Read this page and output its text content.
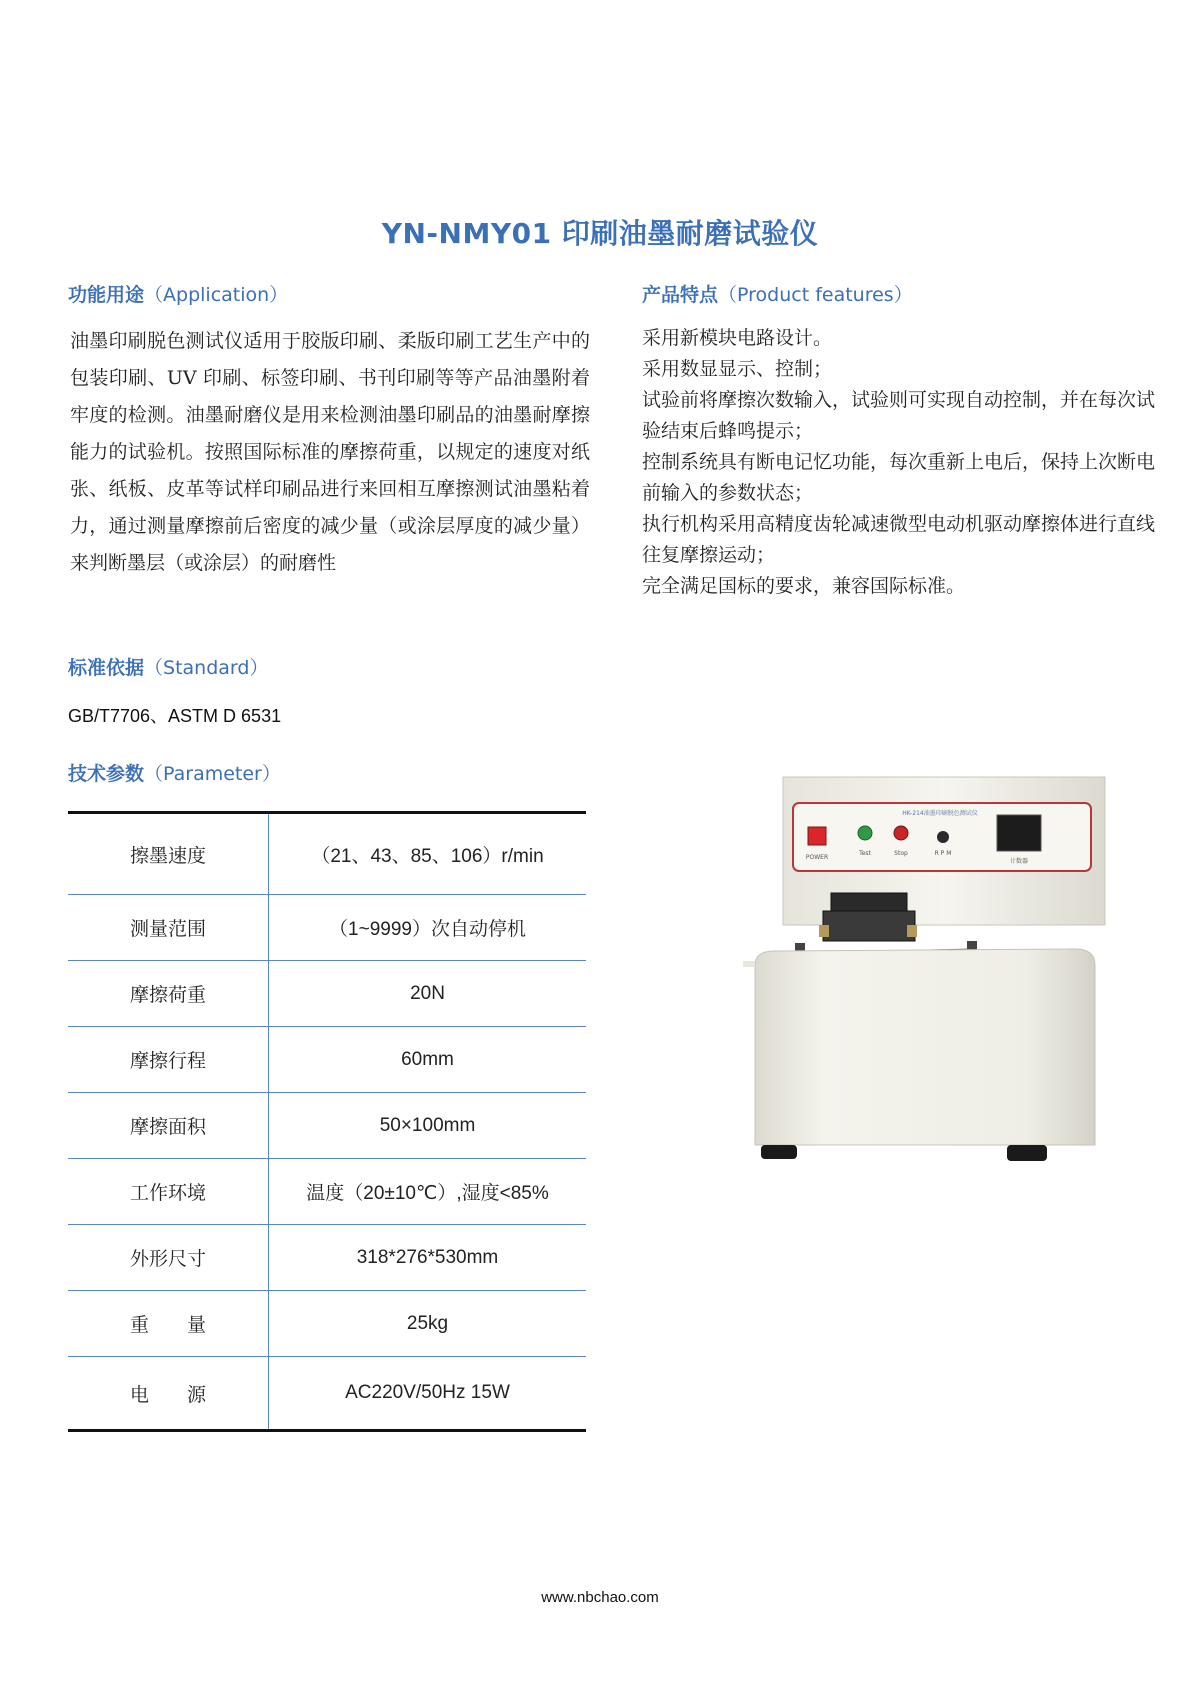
YN-NMY01 印刷油墨耐磨试验仪
功能用途（Application）
油墨印刷脱色测试仪适用于胶版印刷、柔版印刷工艺生产中的包装印刷、UV 印刷、标签印刷、书刊印刷等等产品油墨附着牢度的检测。油墨耐磨仪是用来检测油墨印刷品的油墨耐摩擦能力的试验机。按照国际标准的摩擦荷重，以规定的速度对纸张、纸板、皮革等试样印刷品进行来回相互摩擦测试油墨粘着力，通过测量摩擦前后密度的减少量（或涂层厚度的减少量）来判断墨层（或涂层）的耐磨性
产品特点（Product features）

采用新模块电路设计。

采用数显显示、控制；

试验前将摩擦次数输入，试验则可实现自动控制，并在每次试验结束后蜂鸣提示；

控制系统具有断电记忆功能，每次重新上电后，保持上次断电前输入的参数状态；

执行机构采用高精度齿轮减速微型电动机驱动摩擦体进行直线往复摩擦运动；

完全满足国标的要求，兼容国际标准。

标准依据（Standard）
GB/T7706、ASTM D 6531
技术参数（Parameter）
擦墨速度	（21、43、85、106）r/min
测量范围	（1~9999）次自动停机
摩擦荷重	20N
摩擦行程	60mm
摩擦面积	50×100mm
工作环境	温度（20±10℃）,湿度<85%
外形尺寸	318*276*530mm
重　　量	25kg
电　　源	AC220V/50Hz 15W
HK-214油墨印刷脱色测试仪
POWER
Test	Stop	R P M
计数器
www.nbchao.com
